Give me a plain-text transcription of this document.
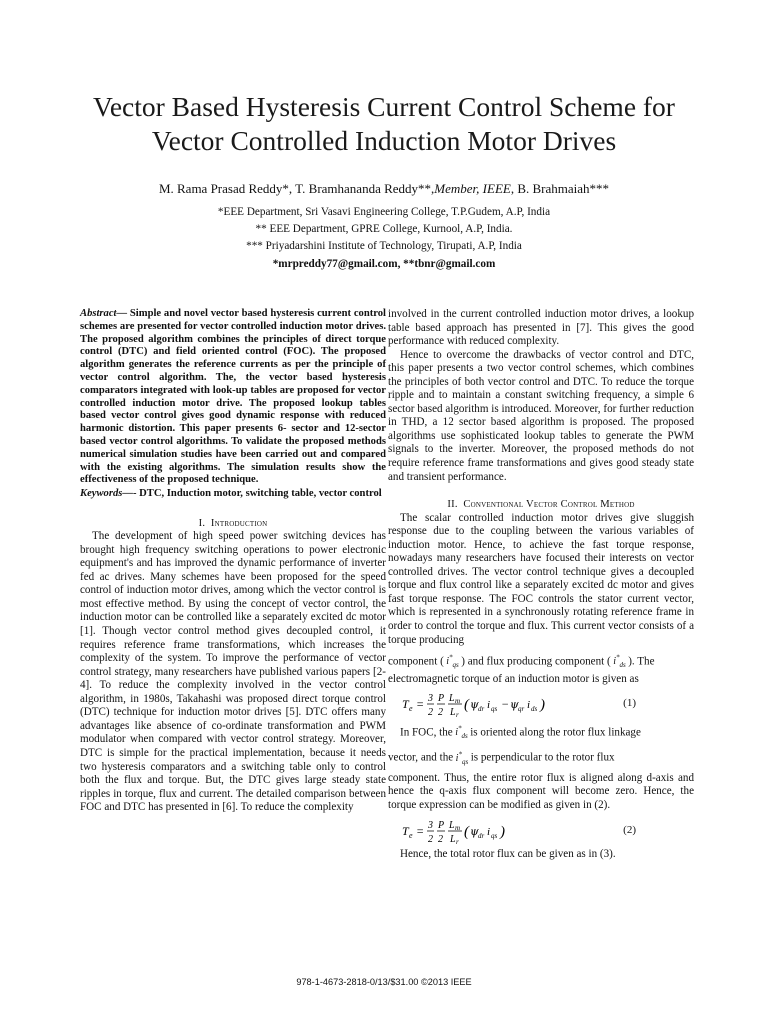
Vector Based Hysteresis Current Control Scheme for
Vector Controlled Induction Motor Drives
M. Rama Prasad Reddy*, T. Bramhananda Reddy**,Member, IEEE, B. Brahmaiah***
*EEE Department, Sri Vasavi Engineering College, T.P.Gudem, A.P, India
** EEE Department, GPRE College, Kurnool, A.P, India.
*** Priyadarshini Institute of Technology, Tirupati, A.P, India
*mrpreddy77@gmail.com, **tbnr@gmail.com

Abstract— Simple and novel vector based hysteresis current control schemes are presented for vector controlled induction motor drives. The proposed algorithm combines the principles of direct torque control (DTC) and field oriented control (FOC). The proposed algorithm generates the reference currents as per the principle of vector control algorithm. The, the vector based hysteresis comparators integrated with look-up tables are proposed for vector controlled induction motor drive. The proposed lookup tables based vector control gives good dynamic response with reduced harmonic distortion. This paper presents 6- sector and 12-sector based vector control algorithms. To validate the proposed methods numerical simulation studies have been carried out and compared with the existing algorithms. The simulation results show the effectiveness of the proposed technique.

Keywords—- DTC, Induction motor, switching table, vector control

I. Introduction

The development of high speed power switching devices has brought high frequency switching operations to power electronic equipment's and has improved the dynamic performance of inverter fed ac drives. Many schemes have been proposed for the speed control of induction motor drives, among which the vector control is most effective method. By using the concept of vector control, the induction motor can be controlled like a separately excited dc motor [1]. Though vector control method gives decoupled control, it requires reference frame transformations, which increases the complexity of the system. To improve the performance of vector control strategy, many researchers have published various papers [2-4]. To reduce the complexity involved in the vector control algorithm, in 1980s, Takahashi was proposed direct torque control (DTC) technique for induction motor drives [5]. DTC offers many advantages like absence of co-ordinate transformation and PWM modulator when compared with vector control strategy. Moreover, DTC is simple for the practical implementation, because it needs two hysteresis comparators and a switching table only to control both the flux and torque. But, the DTC gives large steady state ripples in torque, flux and current. The detailed comparison between FOC and DTC has presented in [6]. To reduce the complexity

involved in the current controlled induction motor drives, a lookup table based approach has presented in [7]. This gives the good performance with reduced complexity.

Hence to overcome the drawbacks of vector control and DTC, this paper presents a two vector control schemes, which combines the principles of both vector control and DTC. To reduce the torque ripple and to maintain a constant switching frequency, a simple 6 sector based algorithm is introduced. Moreover, for further reduction in THD, a 12 sector based algorithm is proposed. The proposed algorithms use sophisticated lookup tables to generate the PWM signals to the inverter. Moreover, the proposed methods do not require reference frame transformations and gives good steady state and transient performance.

II. Conventional Vector Control Method

The scalar controlled induction motor drives give sluggish response due to the coupling between the various variables of induction motor. Hence, to achieve the fast torque response, nowadays many researchers have focused their interests on vector controlled drives. The vector control technique gives a decoupled torque and flux control like a separately excited dc motor and gives fast torque response. The FOC controls the stator current vector, which is represented in a synchronously rotating reference frame in order to control the torque and flux. This current vector consists of a torque producing

component ( $i^*_{qs}$ ) and flux producing component ( $i^*_{ds}$ ). The

electromagnetic torque of an induction motor is given as

T e = 3
2
P
2
L m
L r
( ψ dr i qs − ψ qr i ds )	(1)

In FOC, the $i^*_{ds}$ is oriented along the rotor flux linkage

vector, and the $i^*_{qs}$ is perpendicular to the rotor flux

component. Thus, the entire rotor flux is aligned along d-axis and hence the q-axis flux component will become zero. Hence, the torque expression can be modified as given in (2).

T e = 3
2
P
2
L m
L r
( ψ dr i qs )	(2)

Hence, the total rotor flux can be given as in (3).

978-1-4673-2818-0/13/$31.00 ©2013 IEEE
